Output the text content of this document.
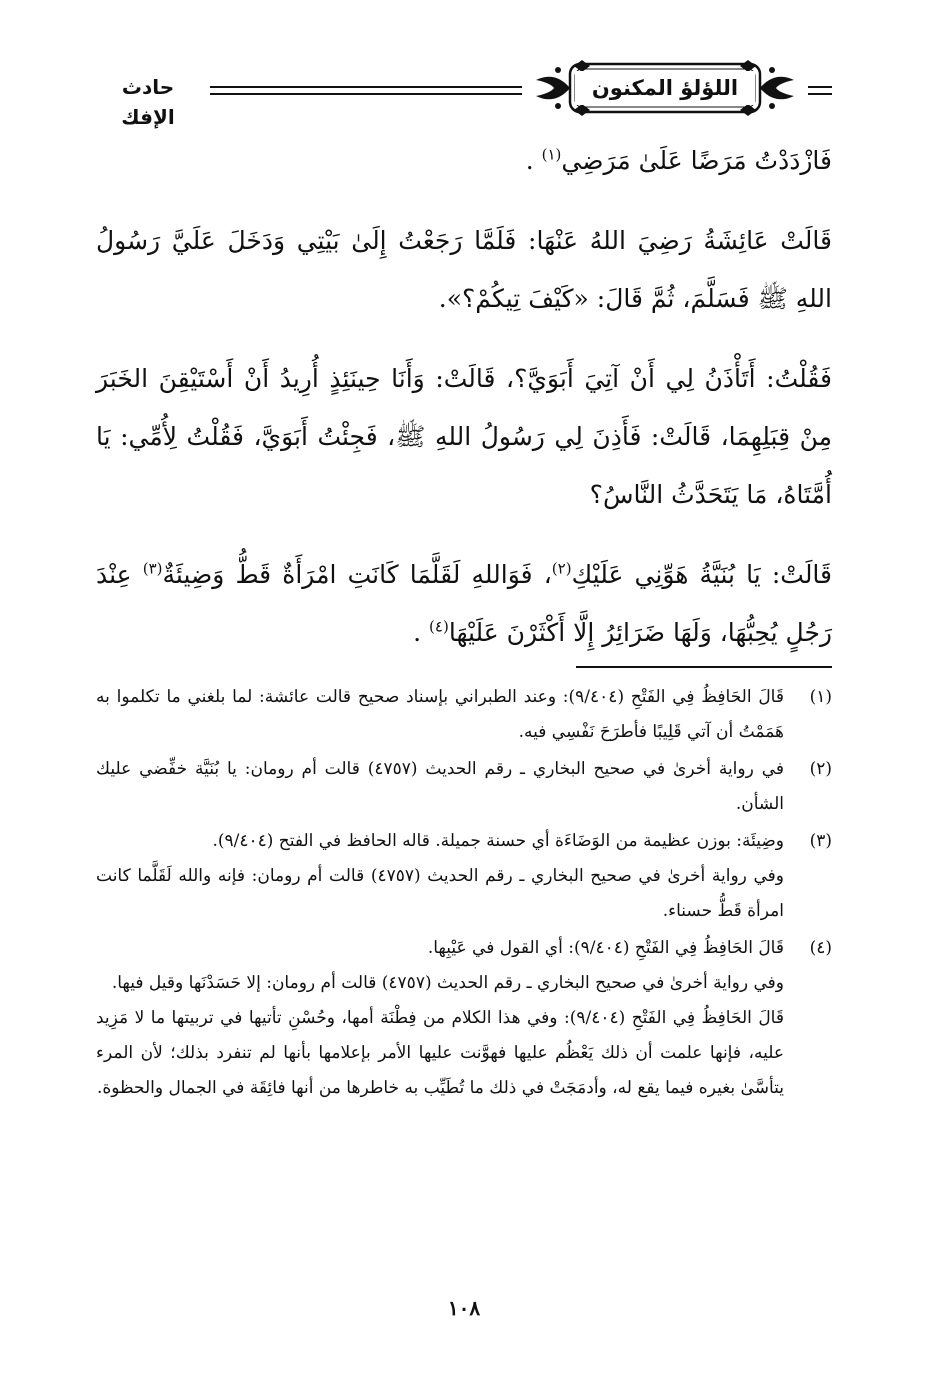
حادث الإفك
اللؤلؤ المكنون

فَازْدَدْتُ مَرَضًا عَلَىٰ مَرَضِي$^{(١)}$ .

قَالَتْ عَائِشَةُ رَضِيَ اللهُ عَنْهَا: فَلَمَّا رَجَعْتُ إِلَىٰ بَيْتِي وَدَخَلَ عَلَيَّ رَسُولُ اللهِ ﷺ فَسَلَّمَ، ثُمَّ قَالَ: «كَيْفَ تِيكُمْ؟».

فَقُلْتُ: أَتَأْذَنُ لِي أَنْ آتِيَ أَبَوَيَّ؟، قَالَتْ: وَأَنَا حِينَئِذٍ أُرِيدُ أَنْ أَسْتَيْقِنَ الخَبَرَ مِنْ قِبَلِهِمَا، قَالَتْ: فَأَذِنَ لِي رَسُولُ اللهِ ﷺ، فَجِئْتُ أَبَوَيَّ، فَقُلْتُ لِأُمِّي: يَا أُمَّتَاهُ، مَا يَتَحَدَّثُ النَّاسُ؟

قَالَتْ: يَا بُنَيَّةُ هَوِّنِي عَلَيْكِ$^{(٢)}$، فَوَاللهِ لَقَلَّمَا كَانَتِ امْرَأَةٌ قَطُّ وَضِيئَةٌ$^{(٣)}$ عِنْدَ رَجُلٍ يُحِبُّهَا، وَلَهَا ضَرَائِرُ إِلَّا أَكْثَرْنَ عَلَيْهَا$^{(٤)}$ .

(١)

قَالَ الحَافِظُ فِي الفَتْحِ (٩/٤٠٤): وعند الطبراني بإسناد صحيح قالت عائشة: لما بلغني ما تكلموا به هَمَمْتُ أن آتي قَلِيبًا فأطرَحَ نَفْسِي فيه.

(٢)

في رواية أخرىٰ في صحيح البخاري ـ رقم الحديث (٤٧٥٧) قالت أم رومان: يا بُنَيَّة خفِّضي عليك الشأن.

(٣)

وضِيئَة: بوزن عظيمة من الوَضَاءَة أي حسنة جميلة. قاله الحافظ في الفتح (٩/٤٠٤).

وفي رواية أخرىٰ في صحيح البخاري ـ رقم الحديث (٤٧٥٧) قالت أم رومان: فإنه والله لَقَلَّما كانت امرأة قَطُّ حسناء.

(٤)

قَالَ الحَافِظُ فِي الفَتْحِ (٩/٤٠٤): أي القول في عَيْبِها.

وفي رواية أخرىٰ في صحيح البخاري ـ رقم الحديث (٤٧٥٧) قالت أم رومان: إلا حَسَدْنَها وقيل فيها.

قَالَ الحَافِظُ فِي الفَتْحِ (٩/٤٠٤): وفي هذا الكلام من فِطْنَة أمها، وحُسْنِ تأتيها في تربيتها ما لا مَزِيد عليه، فإنها علمت أن ذلك يَعْظُم عليها فهوَّنت عليها الأمر بإعلامها بأنها لم تنفرد بذلك؛ لأن المرء يتأسَّىٰ بغيره فيما يقع له، وأدمَجَتْ في ذلك ما تُطَيِّب به خاطرها من أنها فائِقَة في الجمال والحظوة.

١٠٨
